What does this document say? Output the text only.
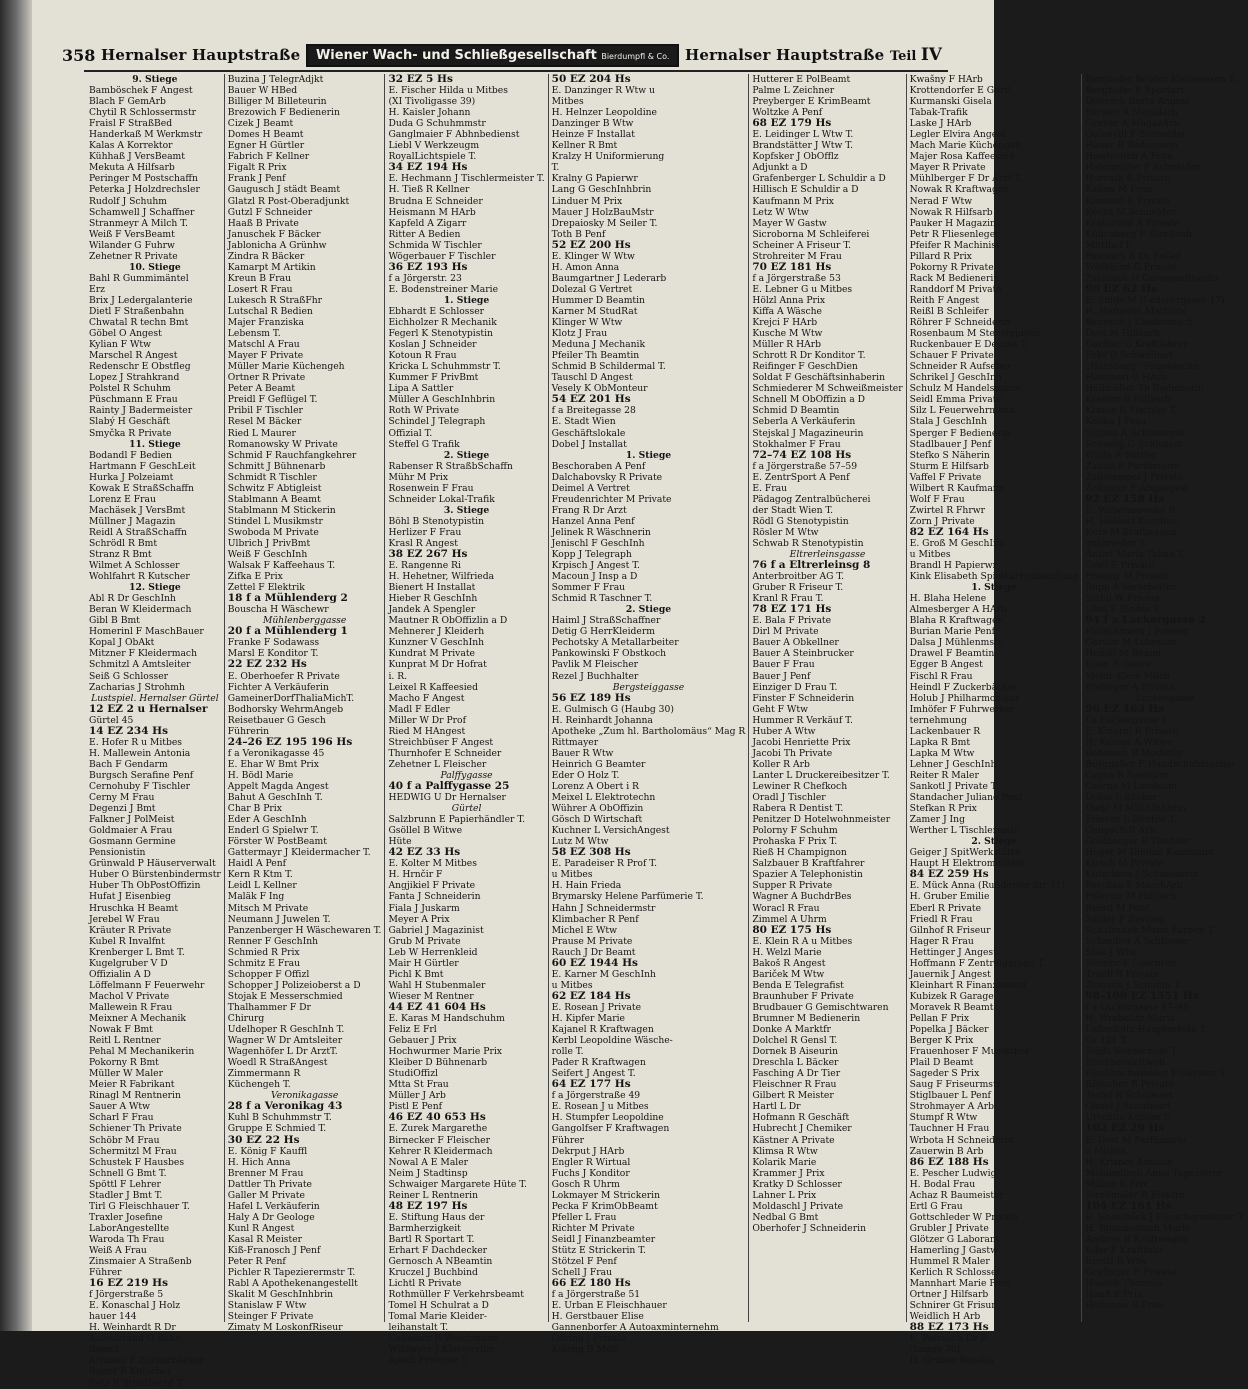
358 Hernalser Hauptstraße	Wiener Wach- und Schließgesellschaft Bierdumpfl & Co.	Hernalser Hauptstraße Teil IV
9. Stiege
Bamböschek F Angest
Blach F GemArb
Chytil R Schlossermstr
Fraisl F StraßBed
Handerkaß M Werkmstr
Kalas A Korrektor
Kühhaß J VersBeamt
Mekuta A Hilfsarb
Peringer M Postschaffn
Peterka J Holzdrechsler
Rudolf J Schuhm
Schamwell J Schaffner
Stranmeyr A Milch T.
Weiß F VersBeamt
Wilander G Fuhrw
Zehetner R Private
10. Stiege
Bahl R Gummimäntel
Erz
Brix J Ledergalanterie
Dietl F Straßenbahn
Chwatal R techn Bmt
Göbel O Angest
Kylian F Wtw
Marschel R Angest
Redenschr E Obstfleg
Lopez J Strahkrand
Polstel R Schuhm
Püschmann E Frau
Rainty J Badermeister
Slabý H Geschäft
Smyčka R Private
11. Stiege
Bodandl F Bedien
Hartmann F GeschLeit
Hurka J Polzeiamt
Kowak E StraßSchaffn
Lorenz E Frau
Machäsek J VersBmt
Müllner J Magazin
Reidl A StraßSchaffn
Schrödl R Bmt
Stranz R Bmt
Wilmet A Schlosser
Wohlfahrt R Kutscher
12. Stiege
Abl R Dr GeschInh
Beran W Kleidermach
Gibl B Bmt
Homerinl F MaschBauer
Kopal J ObAkt
Mitzner F Kleidermach
Schmitzl A Amtsleiter
Seiß G Schlosser
Zacharias J Strohmh
Lustspiel. Hernalser Gürtel
12 EZ 2 u Hernalser
Gürtel 45
14 EZ 234 Hs
E. Hofer R u Mitbes
H. Mallewein Antonia
Bach F Gendarm
Burgsch Serafine Penf
Cernohuby F Tischler
Cerny M Frau
Degenzi J Bmt
Falkner J PolMeist
Goldmaier A Frau
Gosmann Germine
Pensionistin
Grünwald P Häuserverwalt
Huber O Bürstenbindermstr
Huber Th ObPostOffizin
Hufat J Eisenbieg
Hruschka H Beamt
Jerebel W Frau
Kräuter R Private
Kubel R Invalfnt
Krenberger L Bmt T.
Kugelgruber V D
Offizialin A D
Löffelmann F Feuerwehr
Machol V Private
Mallewein R Frau
Meixner A Mechanik
Nowak F Bmt
Reitl L Rentner
Pehal M Mechanikerin
Pokorny R Bmt
Müller W Maler
Meier R Fabrikant
Rinagl M Rentnerin
Sauer A Wtw
Scharl F Frau
Schiener Th Private
Schöbr M Frau
Schermitzl M Frau
Schustek F Hausbes
Schnell G Bmt T.
Spöttl F Lehrer
Stadler J Bmt T.
Tirl G Fleischhauer T.
Traxler Josefine
LaborAngestellte
Waroda Th Frau
Weiß A Frau
Zinsmaier A Straßenb
Führer
16 EZ 219 Hs
f Jörgerstraße 5
E. Konaschal J Holz
hauer 144
H. Weinhardt R Dr
Aufenbrand O Bahn
Beamt
Artmanl F Zuckerbäcker
Bauer R Kutscher
Betz R Straßbschf T.
Buzina J TelegrAdjkt
Bauer W HBed
Billiger M Billeteurin
Brezowich F Bedienerin
Cizek J Beamt
Domes H Beamt
Egner H Gürtler
Fabrich F Kellner
Figalt R Prix
Frank J Penf
Gaugusch J städt Beamt
Glatzl R Post-Oberadjunkt
Gutzl F Schneider
Haaß B Private
Januschek F Bäcker
Jablonicha A Grünhw
Zindra R Bäcker
Kamarpt M Artikin
Kreun B Frau
Losert R Frau
Lukesch R StraßFhr
Lutschal R Bedien
Majer Franziska
Lebensm T.
Matschl A Frau
Mayer F Private
Müller Marie Küchengeh
Ortner R Private
Peter A Beamt
Preidl F Geflügel T.
Pribil F Tischler
Resel M Bäcker
Ried L Maurer
Romanowsky W Private
Schmid F Rauchfangkehrer
Schmitt J Bühnenarb
Schmidt R Tischler
Schwitz F Abtigleist
Stablmann A Beamt
Stablmann M Stickerin
Stindel L Musikmstr
Swoboda M Private
Ulbrich J PrivBmt
Weiß F GeschInh
Walsak F Kaffeehaus T.
Zifka E Prix
Zettel F Elektrik
18 f a Mühlenderg 2
Bouscha H Wäschewr
Mühlenberggasse
20 f a Mühlenderg 1
Franke F Sodawass
Marsl E Konditor T.
22 EZ 232 Hs
E. Oberhoefer R Private
Fichter A Verkäuferin
GameinerDorfThaliaMichT.
Bodhorsky WehrmAngeb
Reisetbauer G Gesch
Führerin
24–26 EZ 195 196 Hs
f a Veronikagasse 45
E. Ehar W Bmt Prix
H. Bödl Marie
Appelt Magda Angest
Bahut A GeschInh T.
Char B Prix
Eder A GeschInh
Enderl G Spielwr T.
Förster W PostBeamt
Gattermayr J Kleidermacher T.
Haidl A Penf
Kern R Ktm T.
Leidl L Kellner
Maläk F Ing
Mitsch M Private
Neumann J Juwelen T.
Panzenberger H Wäschewaren T.
Renner F GeschInh
Schmied R Prix
Schmitz E Frau
Schopper F Offizl
Schopper J Polizeioberst a D
Stojak E Messerschmied
Thalhammer F Dr
Chirurg
Udelhoper R GeschInh T.
Wagner W Dr Amtsleiter
Wagenhöfer L Dr ArztT.
Woedl R StraßAngest
Zimmermann R
Küchengeh T.
Veronikagasse
28 f a Veronikag 43
Kuhl B Schuhmmstr T.
Gruppe E Schmied T.
30 EZ 22 Hs
E. König F Kauffl
H. Hich Anna
Brenner M Frau
Dattler Th Private
Galler M Private
Hafel L Verkäuferin
Haly A Dr Geologe
Kunl R Angest
Kasal R Meister
Kiß-Franosch J Penf
Peter R Penf
Pichler R Tapezierermstr T.
Rabl A Apothekenangestellt
Skalit M GeschInhbrin
Stanislaw F Wtw
Steinger F Private
Zimaty M LoskonfRiseur
32 EZ 5 Hs
E. Fischer Hilda u Mitbes
(XI Tivoligasse 39)
H. Kaisler Johann
Duda G Schuhmmstr
Ganglmaier F Abhnbedienst
Liebl V Werkzeugm
RoyalLichtspiele T.
34 EZ 194 Hs
E. Hechmann J Tischlermeister T.
H. Tieß R Kellner
Brudna E Schneider
Heismann M HArb
Kapfeld A Zigarr
Ritter A Bedien
Schmida W Tischler
Wögerbauer F Tischler
36 EZ 193 Hs
f a Jörgerstr. 23
E. Bodenstreiner Marie
1. Stiege
Ebhardt E Schlosser
Eichholzer R Mechanik
Fegerl K Stenotypistin
Koslan J Schneider
Kotoun R Frau
Kricka L Schuhmmstr T.
Kummer F PrivBmt
Lipa A Sattler
Müller A GeschInhbrin
Roth W Private
Schindel J Telegraph
Offizial T.
Steffel G Trafik
2. Stiege
Rabenser R StraßbSchaffn
Mühr M Prix
Rosenwein F Frau
Schneider Lokal-Trafik
3. Stiege
Böhl B Stenotypistin
Herlizer F Frau
Krasl R Angest
38 EZ 267 Hs
E. Rangenne Ri
H. Hehetner, Wilfrieda
Bienert H Installat
Hieber R GeschInh
Jandek A Spengler
Mautner R ObOffizlin a D
Mehnerer J Kleiderh
Kunzner V GeschInh
Kundrat M Private
Kunprat M Dr Hofrat
i. R.
Leixel R Kaffeesied
Macho F Angest
Madl F Edler
Miller W Dr Prof
Ried M HAngest
Streichbüser F Angest
Thurnhofer E Schneider
Zehetner L Fleischer
Palffygasse
40 f a Palffygasse 25
HEDWIG U Dr Hernalser
Gürtel
Salzbrunn E Papierhändler T.
Gsöllel B Witwe
Hüte
42 EZ 33 Hs
E. Kolter M Mitbes
H. Hrnčir F
Angjikiel F Private
Fanta J Schneiderin
Fiala J Juskarm
Meyer A Prix
Gabriel J Magazinist
Grub M Private
Leb W Herrenkleid
Mair H Gürtler
Pichl K Bmt
Wahl H Stubenmaler
Wieser M Rentner
44 EZ 41 604 Hs
E. Karas M Handschuhm
Feliz E Frl
Gebauer J Prix
Hochwurmer Marie Prix
Kleiber D Bühnenarb
StudiOffizl
Mtta St Frau
Müller J Arb
Pistl E Penf
46 EZ 40 653 Hs
E. Zurek Margarethe
Birnecker F Fleischer
Kehrer R Kleidermach
Nowal A E Maler
Neim J Stadtinsp
Schwaiger Margarete Hüte T.
Reiner L Rentnerin
48 EZ 197 Hs
E. Stiftung Haus der
Barmherzigkeit
Bartl R Sportart T.
Erhart F Dachdecker
Gernosch A NBeamtin
Kruczel J Buchbind
Lichtl R Private
Rothmüller F Verkehrsbeamt
Tomel H Schulrat a D
Tomal Marie Kleider-
leihanstalt T.
Uebelhör B Weichmann
Wildwyer J Klavierstim
Apoth Provisor T.
50 EZ 204 Hs
E. Danzinger R Wtw u
Mitbes
H. Helnzer Leopoldine
Danzinger B Wtw
Heinze F Installat
Kellner R Bmt
Kralzy H Uniformierung
T.
Kralny G Papierwr
Lang G GeschInhbrin
Linduer M Prix
Mauer J HolzBauMstr
Drepaiosky M Seiler T.
Toth B Penf
52 EZ 200 Hs
E. Klinger W Wtw
H. Amon Anna
Baumgartner J Lederarb
Dolezal G Vertret
Hummer D Beamtin
Karner M StudRat
Klinger W Wtw
Klotz J Frau
Meduna J Mechanik
Pfeiler Th Beamtin
Schmid B Schildermal T.
Tauschl D Angest
Vesely K ObMonteur
54 EZ 201 Hs
f a Breitegasse 28
E. Stadt Wien
Geschäftslokale
Dobel J Installat
1. Stiege
Beschoraben A Penf
Dalchabovsky R Private
Deimel A Vertret
Freudenrichter M Private
Frang R Dr Arzt
Hanzel Anna Penf
Jelinek R Wäschnerin
Jenischl F GeschInh
Kopp J Telegraph
Krpisch J Angest T.
Macoun J Insp a D
Sommer F Frau
Schmid R Taschner T.
2. Stiege
Haiml J StraßSchaffner
Detig G HerrKleiderm
Pechotsky A Metallarbeiter
Pankowinski F Obstkoch
Pavlik M Fleischer
Rezel J Buchhalter
Bergsteiggasse
56 EZ 189 Hs
E. Gulmisch G (Haubg 30)
H. Reinhardt Johanna
Apotheke „Zum hl. Bartholomäus“ Mag R
Rittmayer
Bauer R Wtw
Heinrich G Beamter
Eder O Holz T.
Lorenz A Obert i R
Meixel L Elektrotechn
Wührer A ObOffizin
Gösch D Wirtschaft
Kuchner L VersichAngest
Lutz M Wtw
58 EZ 308 Hs
E. Paradeiser R Prof T.
u Mitbes
H. Hain Frieda
Brymarsky Helene Parfümerie T.
Hahn J Schneidermstr
Klimbacher R Penf
Michel E Wtw
Prause M Private
Rauch J Dr Beamt
60 EZ 1944 Hs
E. Karner M GeschInh
u Mitbes
62 EZ 184 Hs
E. Rosean J Private
H. Kipfer Marie
Kajanel R Kraftwagen
Kerbl Leopoldine Wäsche-
rolle T.
Pader R Kraftwagen
Seifert J Angest T.
64 EZ 177 Hs
f a Jörgerstraße 49
E. Rosean J u Mitbes
H. Stumpfer Leopoldine
Gangolfser F Kraftwagen
Führer
Dekrput J HArb
Engler R Wirtual
Fuchs J Konditor
Gosch R Uhrm
Lokmayer M Strickerin
Pecka F KrimObBeamt
Pfeller L Frau
Richter M Private
Seidl J Finanzbeamter
Stütz E Strickerin T.
Stötzel F Penf
Schell J Frau
66 EZ 180 Hs
f a Jörgerstraße 51
E. Urban E Fleischhauer
H. Gerstbauer Elise
Gannenborfer A Autoaxminternehm
Göring J Private
Koleng B Mstr
Hutterer E PolBeamt
Palme L Zeichner
Preyberger E KrimBeamt
Woltzke A Penf
68 EZ 179 Hs
E. Leidinger L Wtw T.
Brandstätter J Wtw T.
Kopfsker J ObOfflz
Adjunkt a D
Grafenberger L Schuldir a D
Hillisch E Schuldir a D
Kaufmann M Prix
Letz W Wtw
Mayer W Gastw
Sicroborna M Schleiferei
Scheiner A Friseur T.
Strohreiter M Frau
70 EZ 181 Hs
f a Jörgerstraße 53
E. Lebner G u Mitbes
Hölzl Anna Prix
Kiffa A Wäsche
Krejci F HArb
Kusche M Wtw
Müller R HArb
Schrott R Dr Konditor T.
Reifinger F GeschDien
Soldat F Geschäftsinhaberin
Schmiederer M Schweißmeister
Schnell M ObOffizin a D
Schmid D Beamtin
Seberla A Verkäuferin
Stejskal J Magazineurin
Stokhalmer F Frau
72–74 EZ 108 Hs
f a Jörgerstraße 57–59
E. ZentrSport A Penf
E. Frau
Pädagog Zentralbücherei
der Stadt Wien T.
Rödl G Stenotypistin
Rösler M Wtw
Schwab R Stenotypistin
Eltrerleinsgasse
76 f a Eltrerleinsg 8
Anterbroitber AG T.
Gruber R Friseur T.
Kranl R Frau T.
78 EZ 171 Hs
E. Bala F Private
Dirl M Private
Bauer A Obkellner
Bauer A Steinbrucker
Bauer F Frau
Bauer J Penf
Einziger D Frau T.
Finster F Schneiderin
Geht F Wtw
Hummer R Verkäuf T.
Huber A Wtw
Jacobi Henriette Prix
Jacobi Th Private
Koller R Arb
Lanter L Druckereibesitzer T.
Lewiner R Chefkoch
Oradl J Tischler
Rabera R Dentist T.
Penitzer D Hotelwohnmeister
Polorny F Schuhm
Prohaska F Prix T.
Rieß H Champignon
Salzbauer B Kraftfahrer
Spazier A Telephonistin
Supper R Private
Wagner A BuchdrBes
Woracl R Frau
Zimmel A Uhrm
80 EZ 175 Hs
E. Klein R A u Mitbes
H. Welzl Marie
Bakoš R Angest
Bariček M Wtw
Benda E Telegrafist
Braunhuber F Private
Brudbauer G Gemischtwaren
Brumner M Bedienerin
Donke A Marktfr
Dolchel R Gensl T.
Dornek B Aiseurin
Dreschla L Bäcker
Fasching A Dr Tier
Fleischner R Frau
Gilbert R Meister
Hartl L Dr
Hofmann R Geschäft
Hubrecht J Chemiker
Kästner A Private
Klimsa R Wtw
Kolarik Marie
Krammer J Prix
Kratky D Schlosser
Lahner L Prix
Moldaschl J Private
Nedbal G Bmt
Oberhofer J Schneiderin
Kwašny F HArb
Krottendorfer E Gürtl
Kurmanski Gisela
Tabak-Trafik
Laske J HArb
Legler Elvira Angest
Mach Marie Küchengeh
Majer Rosa Kaffeesied
Mayer R Private
Mühlberger F Dr Arzt T.
Nowak R Kraftwagen
Nerad F Wtw
Nowak R Hilfsarb
Pauker H Magazin
Petr R Fliesenleger
Pfeifer R Machinist
Pillard R Prix
Pokorny R Private
Rack M Bedienerin
Randdorf M Private
Reith F Angest
Reißl B Schleifer
Röhrer F Schneiderin
Rosenbaum M Stenotypistin
Ruckenbauer E Dentist T.
Schauer F Private
Schneider R Aufseher
Schrikel J GeschInh
Schulz M Handelsmann
Seidl Emma Private
Silz L Feuerwehrmann
Stala J GeschInh
Sperger F Bedienerin
Stadlbauer J Penf
Stefko S Näherin
Sturm E Hilfsarb
Vaffel F Private
Wilbert R Kaufmann
Wolf F Frau
Zwirtel R Fhrwr
Zorn J Private
82 EZ 164 Hs
E. Groß M GeschInh
u Mitbes
Brandl H Papierwr
Kink Elisabeth Spielkartenhandlung
1. Stiege
H. Blaha Helene
Almesberger A HArb
Blaha R Kraftwagen
Burian Marie Penf
Dalsa J Mühlenmstr
Drawel F Beamtin
Egger B Angest
Fischl R Frau
Heindl F Zuckerbäcker
Holub J Philharmoniker
Imhöfer F Fuhrwerker
ternehmung
Lackenbauer R
Lapka R Bmt
Lapka M Wtw
Lehner J GeschInh
Reiter R Maler
Sankotl J Private T.
Standacher Juliane Penf
Stefkan R Prix
Zamer J Ing
Werther L Tischlermstr
2. Stiege
Geiger J SpitWerkstätte
Haupt H Elektromonteur
84 EZ 259 Hs
E. Mück Anna (Rußdorfer Str 71)
H. Gruber Emilie
Eberl R Private
Friedl R Frau
Gilnhof R Friseur
Hager R Frau
Hettinger J Angest
Hoffmann F Zentralgarage T.
Jauernik J Angest
Kleinhart R Finanzbeamt
Kubizek R Garage
Moravek R Beamt
Pellan F Prix
Popelka J Bäcker
Berger K Prix
Frauenhoser F Musikthor
Plail D Beamt
Sageder S Prix
Saug F Friseurmstr
Stiglbauer L Penf
Strohmayer A Arb
Stumpf R Wtw
Tauchner H Frau
Wrbota H Schneiderin
Zauerwin B Arb
86 EZ 188 Hs
E. Pescher Ludwig
H. Bodal Frau
Achaz R Baumeister
Ertl G Frau
Gottschleder W Private
Grubler J Private
Glötzer G Laborant
Hamerling J Gastw
Hummel R Maler
Kerlich R Schlosser
Mannhart Marie Penf
Ortner J Hilfsarb
Schnirer Gt Frisur
Weidlich H Arb
88 EZ 173 Hs
E. Petrosch Dr R
(Lange 70)
H. Gruber Rosalia
Berghofer Brüder Eisenwaren T.
Berghofer F Sportart
Dietroch Berta Angest
Forster R Metallarb
Gruber A MagazArb
Guinavill F Schneider
Hauer B Bedienerin
Hawlovitch A Frau
Hahnmüller F Schneider
Horvath R Private
Kalina M Frau
Klement R Private
Kochs M Schneider
Kratochvil A Private
Kühchberg F Straßenb
Mittlhof F
Petrasch R Dr FoGef
Wittekind G Private
Zalaudek H Garagemitbesitz
90 EZ 62 Hs
E. Suido M (Lederergasse 17)
H. Hofmann Mathilde
Benesch J Kleidermach
Dest M Hilfsarb
Dorfner G Kraftfahrer
Fehr D Schweihart
„Habsburg“ Feinwäsche
Hammerl G HArb
Höllmüller Th Bedienerin
Kramer B Hilfsarb
Kraule R Tischler T.
Koliba J Frau
Stöpan A Schlosserei
Schweig G Schlosser
Wilda R Sattler
Zabatl E Parfümerie
Zeitstempel J Private
Zeilinger F Abgangest
92 EZ 158 Hs
E. Waberinowsky R
H. Heblacl Karolina
Kurz M Kraftwagen
unternehm T.
Antinl Maria Tabak T.
Groll F Private
Premur M Private
Rupp A Vorarbeiter
Slabil W Private
Ubel F Binder T.
94 f a Lackergasse 2
Fleischmann J Friseur
Görtler M Lebensm
Heindl M Beamt
Kuen R Gastw
Moldr-Klein Milch
Prelinger A Private
Lackergasse
96 EZ 163 Hs
f a Lackergasse 1
E. Kinarel R Private
H. Kunzel A Witwe
Bohatsch R Modistin
Burggaßer F Handschuhmacher
Capos R Spengler
Cserna M Linoleum
Dokal L Bäcker
Diebl M MilchInhbrin
Friesen L Dentist T.
Gaugsch R Arb
Goldberger B Tischler
Heger M Diplom Kaufmann
Kirsch M Private
Kutschera J Schneiderin
Peschke F MaschArb
Poleratz M Hilfsarb
Reintl M Penf
Saider F RevInsp
Schafranek Marie Farben T.
Schreiber A Schlosser
Stak J Wtw
Steinbr E GeschInh
Traidl R Private
Zemann J Schuhm T.
98–100 EZ 1551 Hs
f a Lackergasse 47–49
H. Wrabetitz Maria
Luftschutz-Hauptschule T.
Gr 121 T.
Städt Volksschule T.
Fischbandeltweb
Fischbachwinkler F Gärtner T.
Rösscher R Private
Terfel R Schulwart
Gissel J Schulwart
Urschitz Kohlen T.
102 EZ 29 Hs
E. Dest M Parfümerie
u Mitbes
H. Krisner Antonie
Meidenitsch Anna Tapezierer
Müller R Prix
Strohmaier R Elektro
104 EZ 161 Hs
E. Haselböck J Fleischermeister T.
H. Rigamentsch Marie
Ambros R Kraftwagen
Eder F Kraftfahr
Ernstl R Wtw
Grafinger E Private
Haasek Theresia
Hauß E Prix
Hofmann R Frau
